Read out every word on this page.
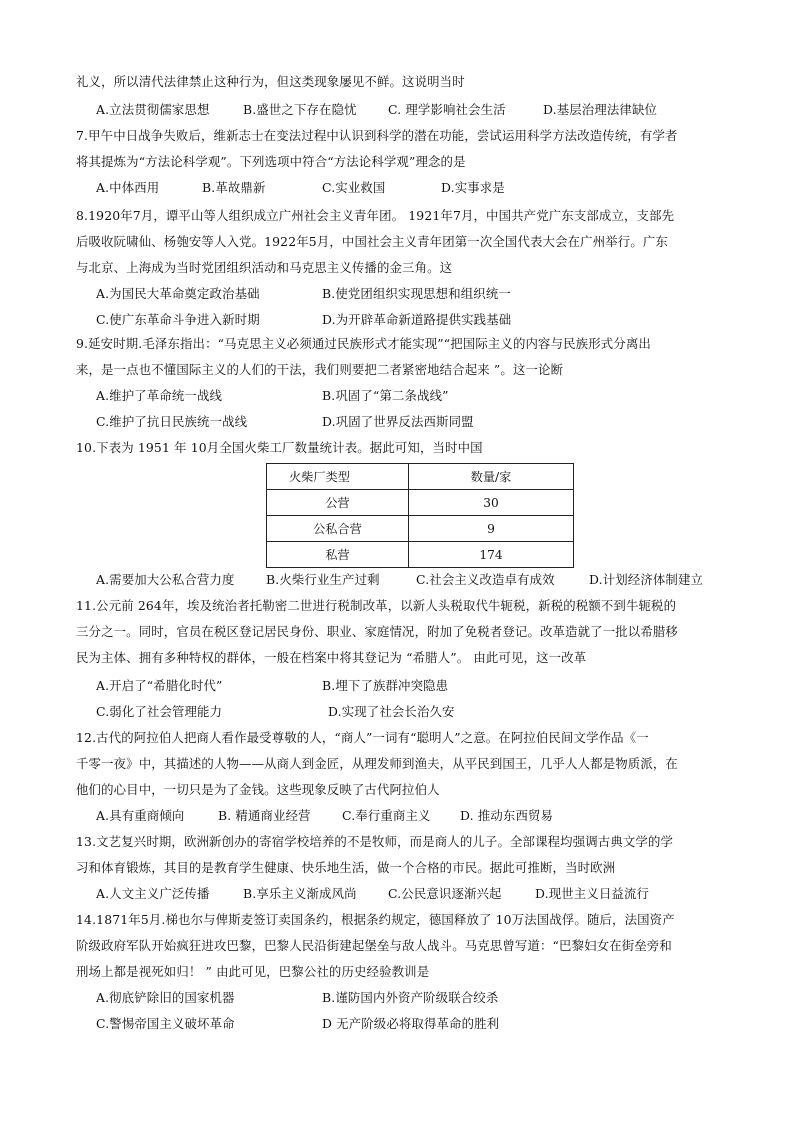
礼义，所以清代法律禁止这种行为，但这类现象屡见不鲜。这说明当时
A.立法贯彻儒家思想	B.盛世之下存在隐忧	C. 理学影响社会生活	D.基层治理法律缺位
7.甲午中日战争失败后，维新志士在变法过程中认识到科学的潜在功能，尝试运用科学方法改造传统，有学者
将其提炼为“方法论科学观”。下列选项中符合“方法论科学观”理念的是
A.中体西用	B.革故鼎新	C.实业救国	D.实事求是
8.1920年7月，谭平山等人组织成立广州社会主义青年团。 1921年7月，中国共产党广东支部成立，支部先
后吸收阮啸仙、杨匏安等人入党。1922年5月，中国社会主义青年团第一次全国代表大会在广州举行。广东
与北京、上海成为当时党团组织活动和马克思主义传播的金三角。这
A.为国民大革命奠定政治基础	B.使党团组织实现思想和组织统一
C.使广东革命斗争进入新时期	D.为开辟革命新道路提供实践基础
9.延安时期.毛泽东指出：“马克思主义必须通过民族形式才能实现”“把国际主义的内容与民族形式分离出
来，是一点也不懂国际主义的人们的干法，我们则要把二者紧密地结合起来 ”。这一论断
A.维护了革命统一战线	B.巩固了“第二条战线”
C.维护了抗日民族统一战线	D.巩固了世界反法西斯同盟
10.下表为 1951 年 10月全国火柴工厂数量统计表。据此可知，当时中国
火柴厂类型	数量/家
公营	30
公私合营	9
私营	174
A.需要加大公私合营力度	B.火柴行业生产过剩	C.社会主义改造卓有成效	D.计划经济体制建立
11.公元前 264年，埃及统治者托勒密二世进行税制改革，以新人头税取代牛轭税，新税的税额不到牛轭税的
三分之一。同时，官员在税区登记居民身份、职业、家庭情况，附加了免税者登记。改革造就了一批以希腊移
民为主体、拥有多种特权的群体，一般在档案中将其登记为 “希腊人”。 由此可见，这一改革
A.开启了“希腊化时代”	B.埋下了族群冲突隐患
C.弱化了社会管理能力	D.实现了社会长治久安
12.古代的阿拉伯人把商人看作最受尊敬的人，“商人”一词有“聪明人”之意。在阿拉伯民间文学作品《一
千零一夜》中，其描述的人物——从商人到金匠，从理发师到渔夫，从平民到国王，几乎人人都是物质派，在
他们的心目中，一切只是为了金钱。这些现象反映了古代阿拉伯人
A.具有重商倾向	B. 精通商业经营	C.奉行重商主义 D. 推动东西贸易
13.文艺复兴时期，欧洲新创办的寄宿学校培养的不是牧师，而是商人的儿子。全部课程均强调古典文学的学
习和体育锻炼，其目的是教育学生健康、快乐地生活，做一个合格的市民。据此可推断，当时欧洲
A.人文主义广泛传播	B.享乐主义渐成风尚	C.公民意识逐渐兴起	D.现世主义日益流行
14.1871年5月.梯也尔与俾斯麦签订卖国条约，根据条约规定，德国释放了 10万法国战俘。随后，法国资产
阶级政府军队开始疯狂进攻巴黎，巴黎人民沿街建起堡垒与敌人战斗。马克思曾写道：“巴黎妇女在街垒旁和
刑场上都是视死如归！ ” 由此可见，巴黎公社的历史经验教训是
A.彻底铲除旧的国家机器	B.谨防国内外资产阶级联合绞杀
C.警惕帝国主义破坏革命	D 无产阶级必将取得革命的胜利
